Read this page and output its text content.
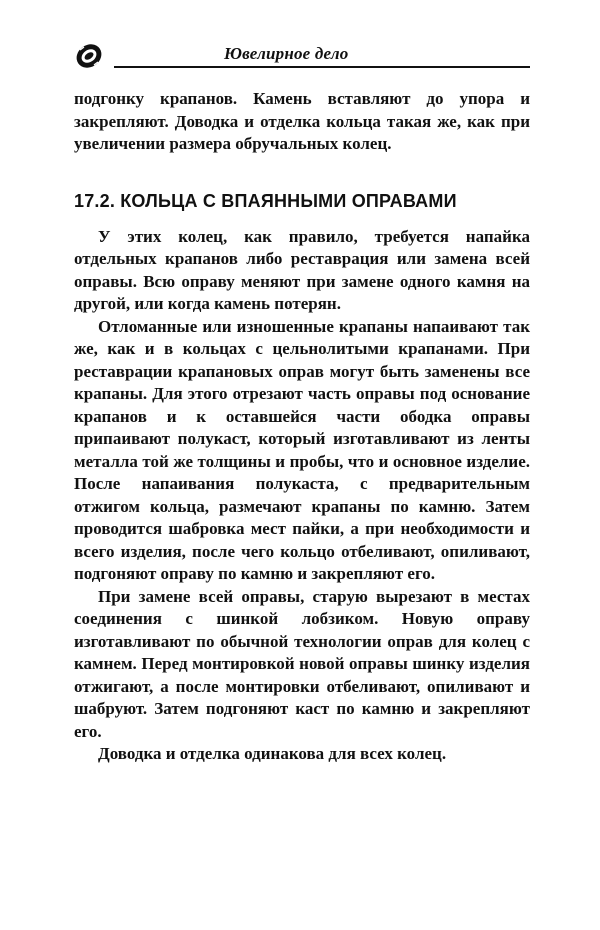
Ювелирное дело

подгонку крапанов. Камень вставляют до упора и закрепляют. Доводка и отделка кольца такая же, как при увеличении размера обручальных колец.

17.2. КОЛЬЦА С ВПАЯННЫМИ ОПРАВАМИ

У этих колец, как правило, требуется напайка отдельных крапанов либо реставрация или замена всей оправы. Всю оправу меняют при замене одного камня на другой, или когда камень потерян.

Отломанные или изношенные крапаны напаивают так же, как и в кольцах с цельнолитыми крапанами. При реставрации крапановых оправ могут быть заменены все крапаны. Для этого отрезают часть оправы под основание крапанов и к оставшейся части ободка оправы припаивают полукаст, который изготавливают из ленты металла той же толщины и пробы, что и основное изделие. После напаивания полукаста, с предварительным отжигом кольца, размечают крапаны по камню. Затем проводится шабровка мест пайки, а при необходимости и всего изделия, после чего кольцо отбеливают, опиливают, подгоняют оправу по камню и закрепляют его.

При замене всей оправы, старую вырезают в местах соединения с шинкой лобзиком. Новую оправу изготавливают по обычной технологии оправ для колец с камнем. Перед монтировкой новой оправы шинку изделия отжигают, а после монтировки отбеливают, опиливают и шабруют. Затем подгоняют каст по камню и закрепляют его.

Доводка и отделка одинакова для всех колец.
